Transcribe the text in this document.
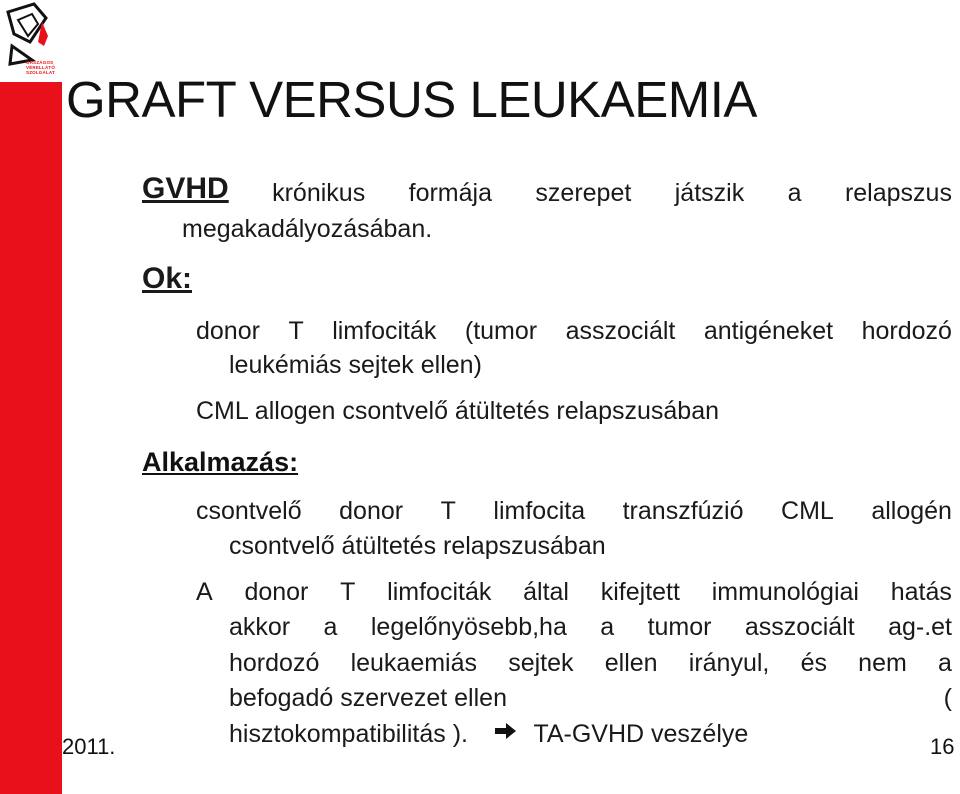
ORSZÁGOS VÉRELLÁTÓ SZOLGÁLAT GRAFT VERSUS LEUKAEMIA
GVHD krónikus formája szerepet játszik a relapszus
megakadályozásában.
Ok:
donor T limfociták (tumor asszociált antigéneket hordozó
leukémiás sejtek ellen)
CML allogen csontvelő átültetés relapszusában
Alkalmazás:
csontvelő donor T limfocita transzfúzió CML allogén
csontvelő átültetés relapszusában
A donor T limfociták által kifejtett immunológiai hatás
akkor a legelőnyösebb,ha a tumor asszociált ag-.et
hordozó leukaemiás sejtek ellen irányul, és nem a
befogadó szervezet ellen	(
hisztokompatibilitás ).	TA-GVHD veszélye
2011.	16
